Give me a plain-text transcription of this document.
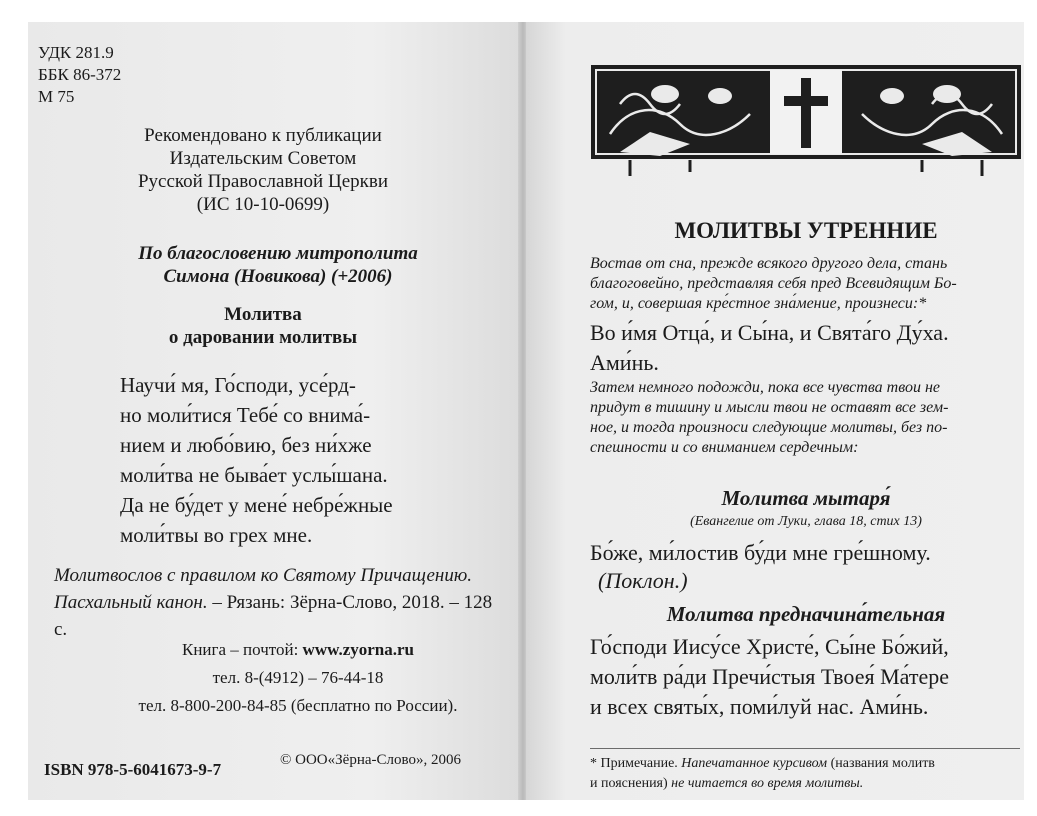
УДК 281.9
ББК 86-372
М 75
Рекомендовано к публикации
Издательским Советом
Русской Православной Церкви
(ИС 10-10-0699)
По благословению митрополита
Симона (Новикова) (+2006)
Молитва
о даровании молитвы
Научи́ мя, Го́споди, усе́рд-
но моли́тися Тебе́ со внима́-
нием и любо́вию, без ни́хже
моли́тва не быва́ет услы́шана.
Да не бу́дет у мене́ небре́жные
моли́твы во грех мне.
Молитвослов с правилом ко Святому Причащению. Пасхальный канон. – Рязань: Зёрна-Слово, 2018. – 128 с.
Книга – почтой: www.zyorna.ru
тел. 8-(4912) – 76-44-18
тел. 8-800-200-84-85 (бесплатно по России).
ISBN 978-5-6041673-9-7	© ООО«Зёрна-Слово», 2006
МОЛИТВЫ УТРЕННИЕ
Востав от сна, прежде всякого другого дела, стань
благоговейно, представляя себя пред Всевидящим Бо-
гом, и, совершая кре́стное зна́мение, произнеси:*
Во и́мя Отца́, и Сы́на, и Свята́го Ду́ха.
Ами́нь.
Затем немного подожди, пока все чувства твои не
придут в тишину и мысли твои не оставят все зем-
ное, и тогда произноси следующие молитвы, без по-
спешности и со вниманием сердечным:
Молитва мытаря́
(Евангелие от Луки, глава 18, стих 13)
Бо́же, ми́лостив бу́ди мне гре́шному.
(Поклон.)
Молитва предначина́тельная
Го́споди Иису́се Христе́, Сы́не Бо́жий,
моли́тв ра́ди Пречи́стыя Твоея́ Ма́тере
и всех святы́х, поми́луй нас. Ами́нь.
* Примечание. Напечатанное курсивом (названия молитв
и пояснения) не читается во время молитвы.
